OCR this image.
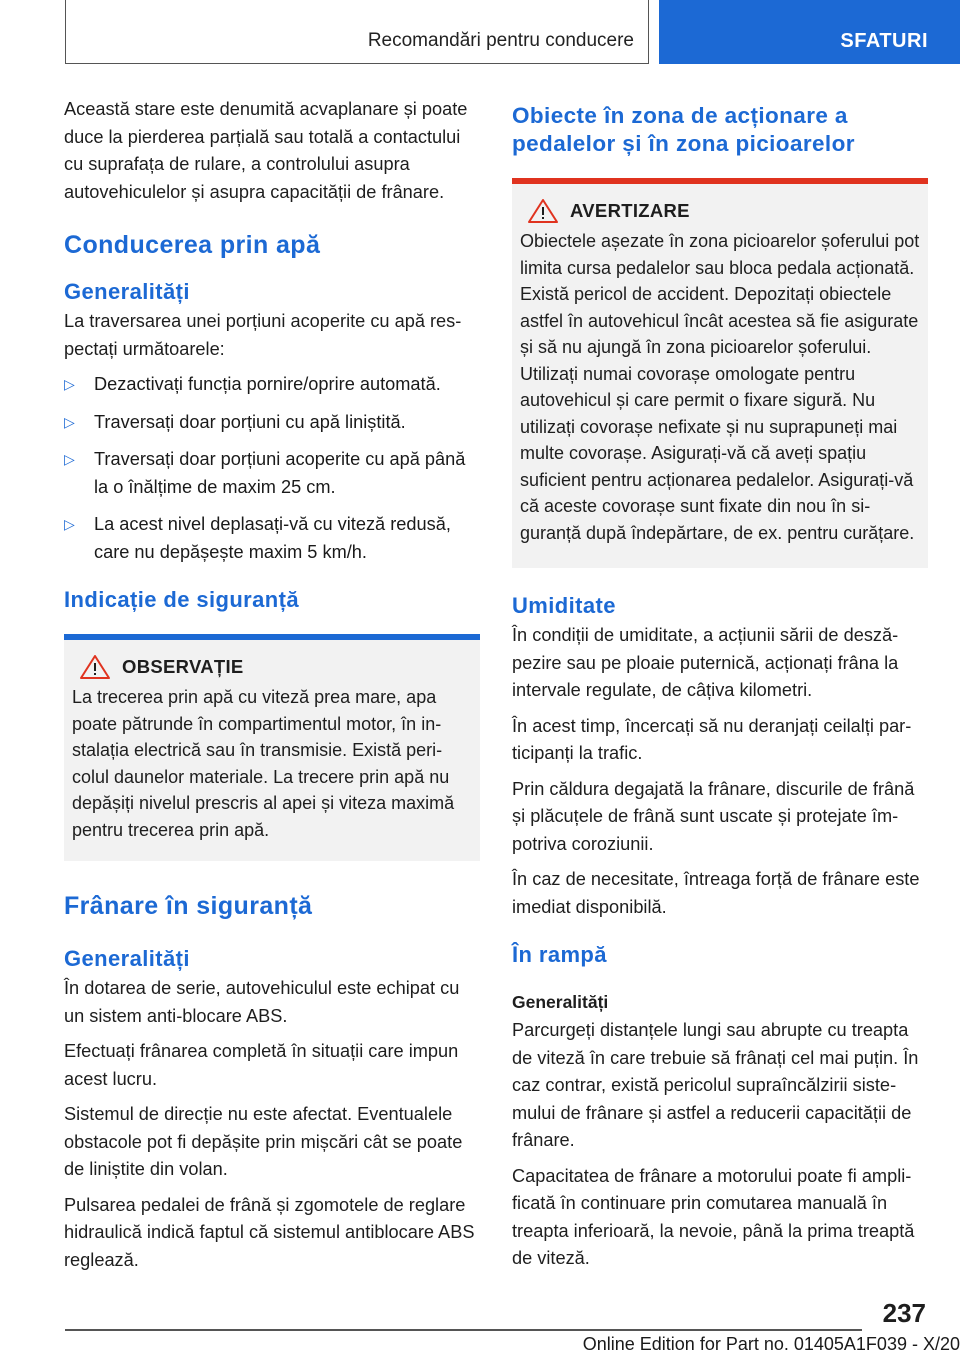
Recomandări pentru conducere	SFATURI

Această stare este denumită acvaplanare și poate duce la pierderea parțială sau totală a contactului cu suprafața de rulare, a controlului asupra autovehiculelor și asupra capacității de frânare.

Conducerea prin apă
Generalități

La traversarea unei porțiuni acoperite cu apă respectați următoarele:

▷ Dezactivați funcția pornire/oprire automată.
▷ Traversați doar porțiuni cu apă liniștită.
▷ Traversați doar porțiuni acoperite cu apă până la o înălțime de maxim 25 cm.
▷ La acest nivel deplasați-vă cu viteză redusă, care nu depășește maxim 5 km/h.
Indicație de siguranță
OBSERVAȚIE

La trecerea prin apă cu viteză prea mare, apa poate pătrunde în compartimentul motor, în instalația electrică sau în transmisie. Există pericolul daunelor materiale. La trecere prin apă nu depășiți nivelul prescris al apei și viteza maximă pentru trecerea prin apă.

Frânare în siguranță
Generalități

În dotarea de serie, autovehiculul este echipat cu un sistem anti-blocare ABS.

Efectuați frânarea completă în situații care impun acest lucru.

Sistemul de direcție nu este afectat. Eventualele obstacole pot fi depășite prin mișcări cât se poate de liniștite din volan.

Pulsarea pedalei de frână și zgomotele de reglare hidraulică indică faptul că sistemul antiblocare ABS reglează.

Obiecte în zona de acționare a pedalelor și în zona picioarelor
AVERTIZARE

Obiectele așezate în zona picioarelor șoferului pot limita cursa pedalelor sau bloca pedala acționată. Există pericol de accident. Depozitați obiectele astfel în autovehicul încât acestea să fie asigurate și să nu ajungă în zona picioarelor șoferului. Utilizați numai covorașe omologate pentru autovehicul și care permit o fixare sigură. Nu utilizați covorașe nefixate și nu suprapuneți mai multe covorașe. Asigurați-vă că aveți spațiu suficient pentru acționarea pedalelor. Asigurați-vă că aceste covorașe sunt fixate din nou în siguranță după îndepărtare, de ex. pentru curățare.

Umiditate

În condiții de umiditate, a acțiunii sării de deszăpezire sau pe ploaie puternică, acționați frâna la intervale regulate, de câțiva kilometri.

În acest timp, încercați să nu deranjați ceilalți participanți la trafic.

Prin căldura degajată la frânare, discurile de frână și plăcuțele de frână sunt uscate și protejate împotriva coroziunii.

În caz de necesitate, întreaga forță de frânare este imediat disponibilă.

În rampă
Generalități

Parcurgeți distanțele lungi sau abrupte cu treapta de viteză în care trebuie să frânați cel mai puțin. În caz contrar, există pericolul supraîncălzirii sistemului de frânare și astfel a reducerii capacității de frânare.

Capacitatea de frânare a motorului poate fi amplificată în continuare prin comutarea manuală în treapta inferioară, la nevoie, până la prima treaptă de viteză.

237
Online Edition for Part no. 01405A1F039 - X/20
